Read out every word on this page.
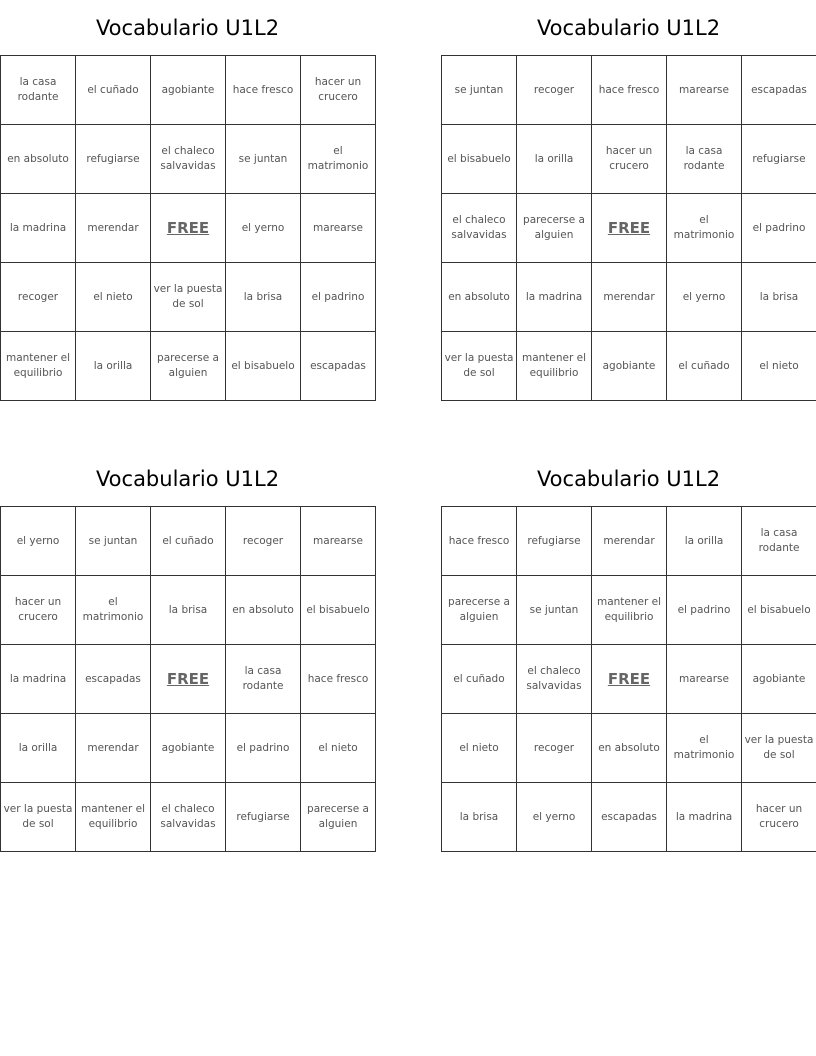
Vocabulario U1L2
la casa rodante	el cuñado	agobiante	hace fresco	hacer un crucero
en absoluto	refugiarse	el chaleco salvavidas	se juntan	el matrimonio
la madrina	merendar	FREE	el yerno	marearse
recoger	el nieto	ver la puesta de sol	la brisa	el padrino
mantener el equilibrio	la orilla	parecerse a alguien	el bisabuelo	escapadas
Vocabulario U1L2
se juntan	recoger	hace fresco	marearse	escapadas
el bisabuelo	la orilla	hacer un crucero	la casa rodante	refugiarse
el chaleco salvavidas	parecerse a alguien	FREE	el matrimonio	el padrino
en absoluto	la madrina	merendar	el yerno	la brisa
ver la puesta de sol	mantener el equilibrio	agobiante	el cuñado	el nieto
Vocabulario U1L2
el yerno	se juntan	el cuñado	recoger	marearse
hacer un crucero	el matrimonio	la brisa	en absoluto	el bisabuelo
la madrina	escapadas	FREE	la casa rodante	hace fresco
la orilla	merendar	agobiante	el padrino	el nieto
ver la puesta de sol	mantener el equilibrio	el chaleco salvavidas	refugiarse	parecerse a alguien
Vocabulario U1L2
hace fresco	refugiarse	merendar	la orilla	la casa rodante
parecerse a alguien	se juntan	mantener el equilibrio	el padrino	el bisabuelo
el cuñado	el chaleco salvavidas	FREE	marearse	agobiante
el nieto	recoger	en absoluto	el matrimonio	ver la puesta de sol
la brisa	el yerno	escapadas	la madrina	hacer un crucero
